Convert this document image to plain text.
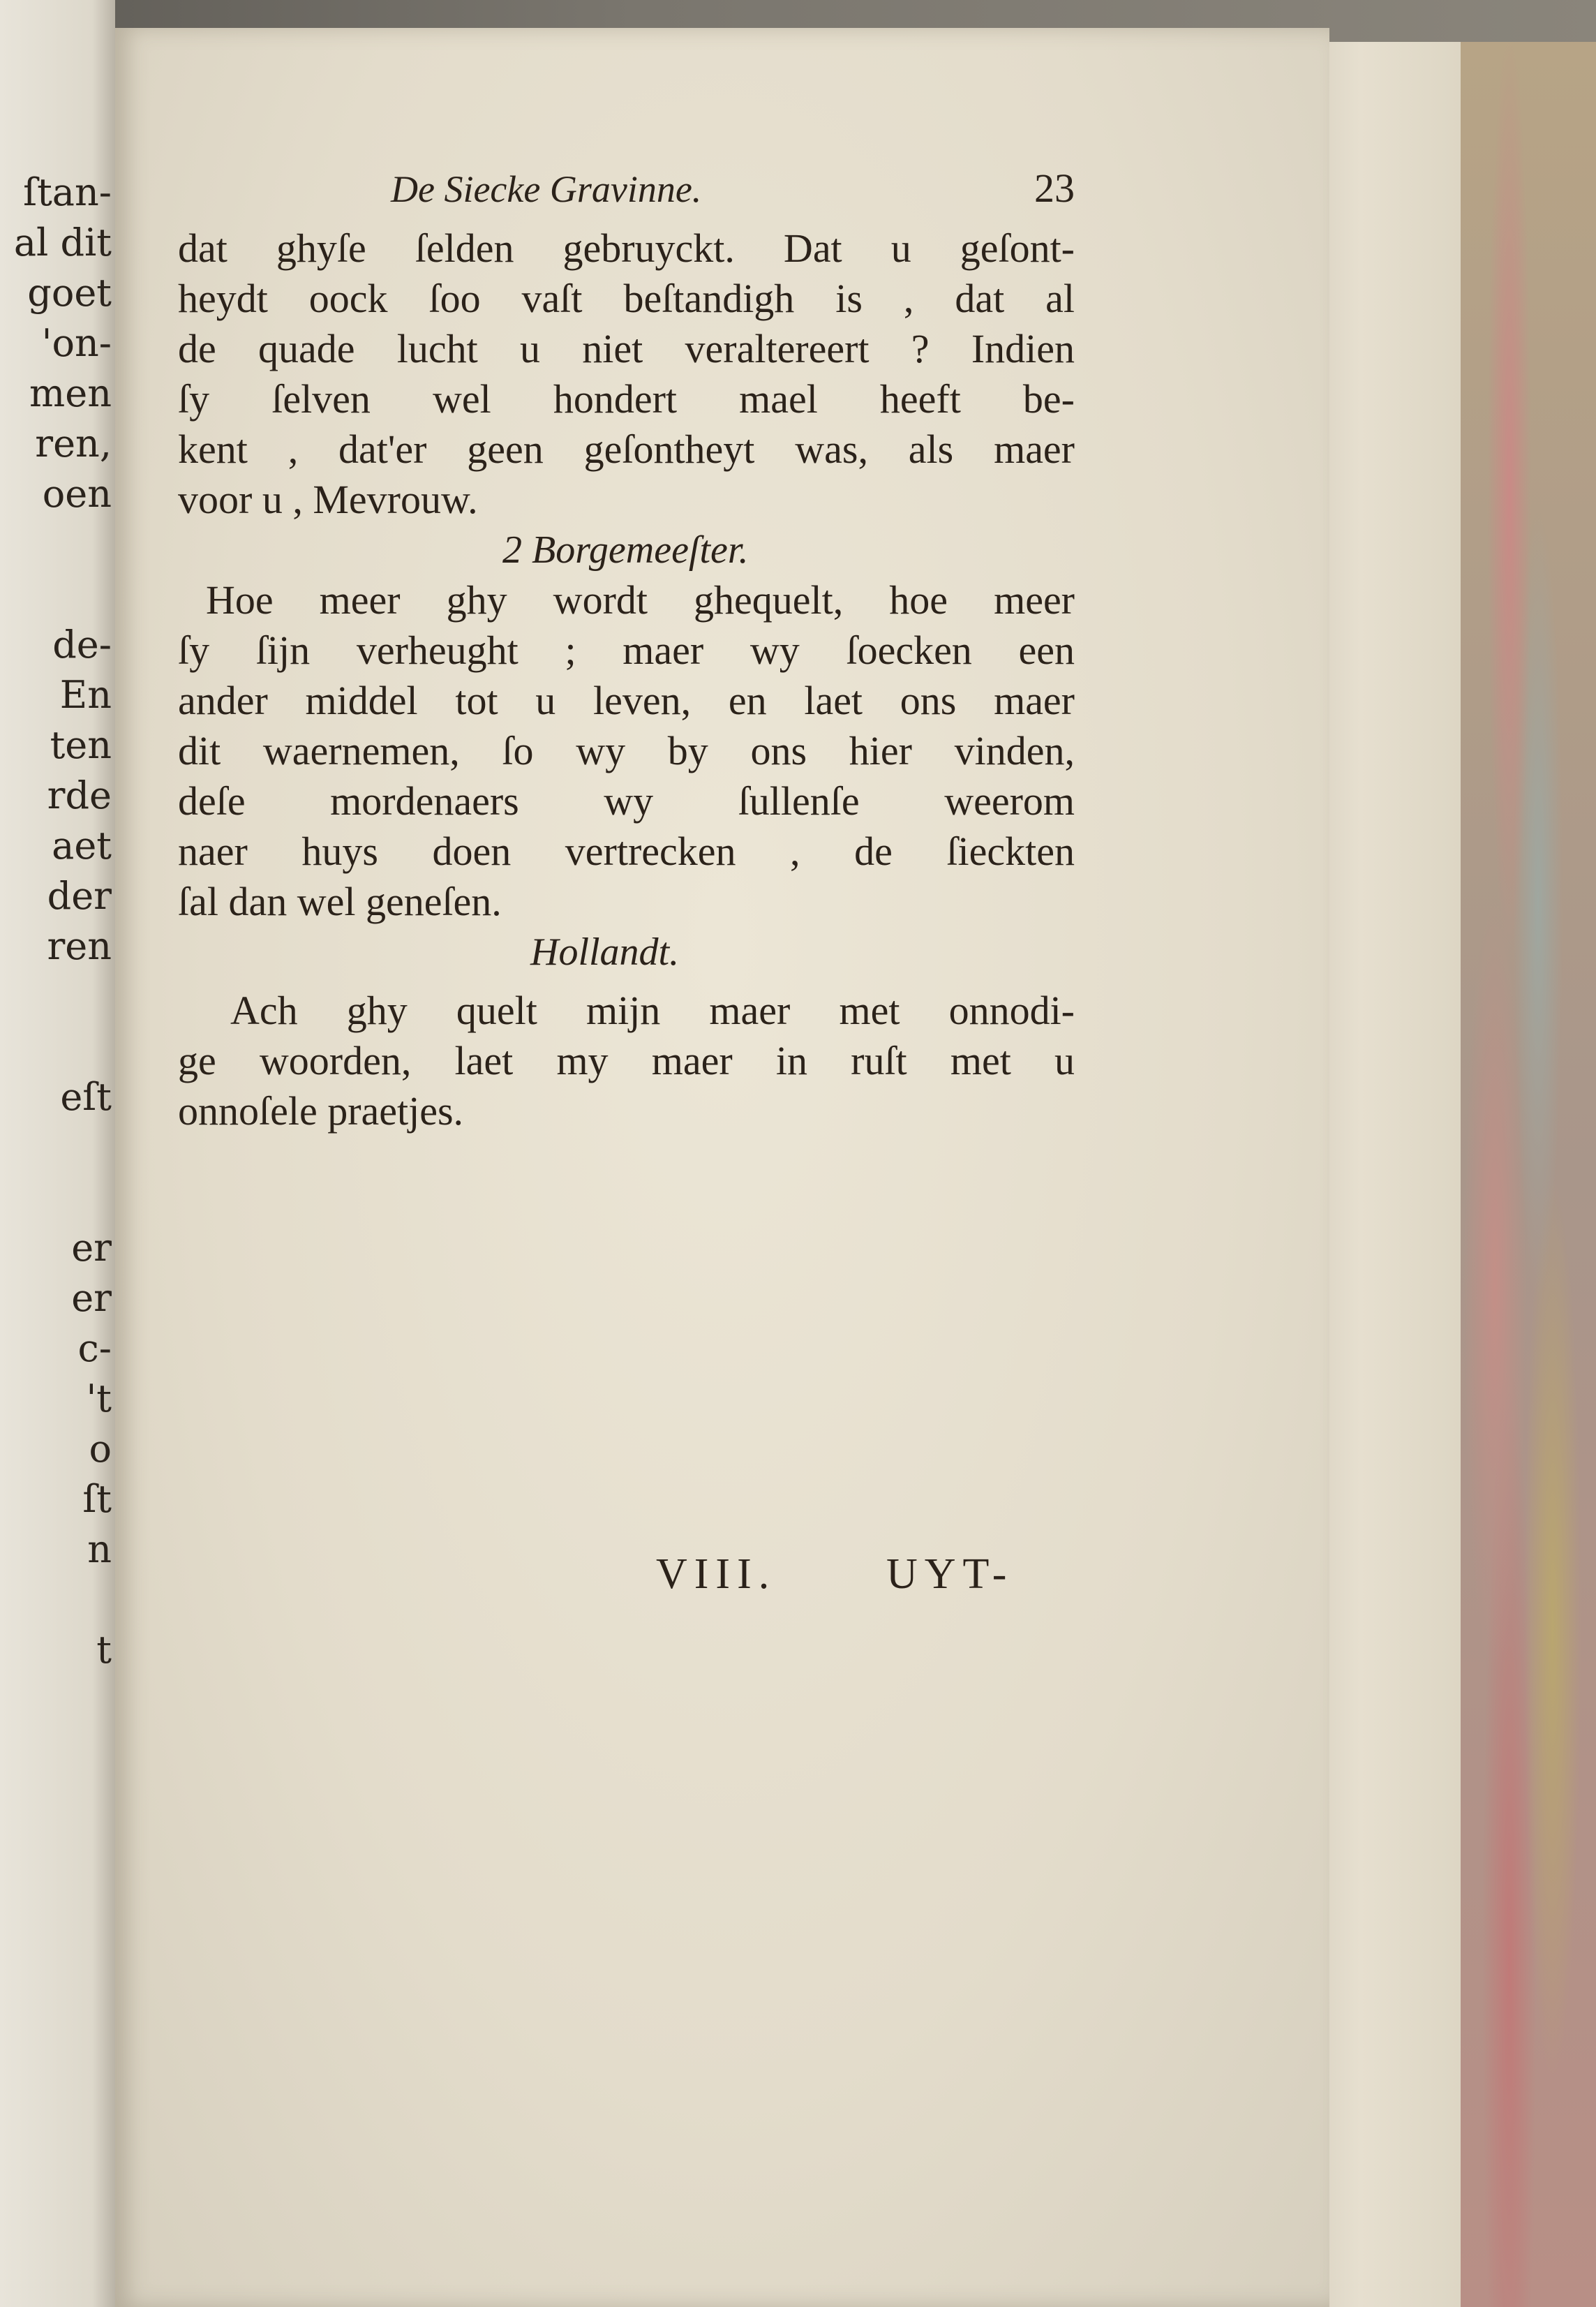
ſtan-
al dit
goet
'on-
men
ren,
oen
de-
En
ten
rde
aet
der
ren
eſt
er
er
c-
't
o
ſt
n
t
De Siecke Gravinne.	23
dat ghyſe ſelden gebruyckt. Dat u geſont-
heydt oock ſoo vaſt beſtandigh is , dat al
de quade lucht u niet veraltereert ? Indien
ſy ſelven wel hondert mael heeft be-
kent , dat'er geen geſontheyt was, als maer
voor u , Mevrouw.
2 Borgemeeſter.
Hoe meer ghy wordt ghequelt, hoe meer
ſy ſijn verheught ; maer wy ſoecken een
ander middel tot u leven, en laet ons maer
dit waernemen, ſo wy by ons hier vinden,
deſe mordenaers wy ſullenſe weerom
naer huys doen vertrecken , de ſieckten
ſal dan wel geneſen.
Hollandt.
Ach ghy quelt mijn maer met onnodi-
ge woorden, laet my maer in ruſt met u
onnoſele praetjes.
VIII.	UYT-
